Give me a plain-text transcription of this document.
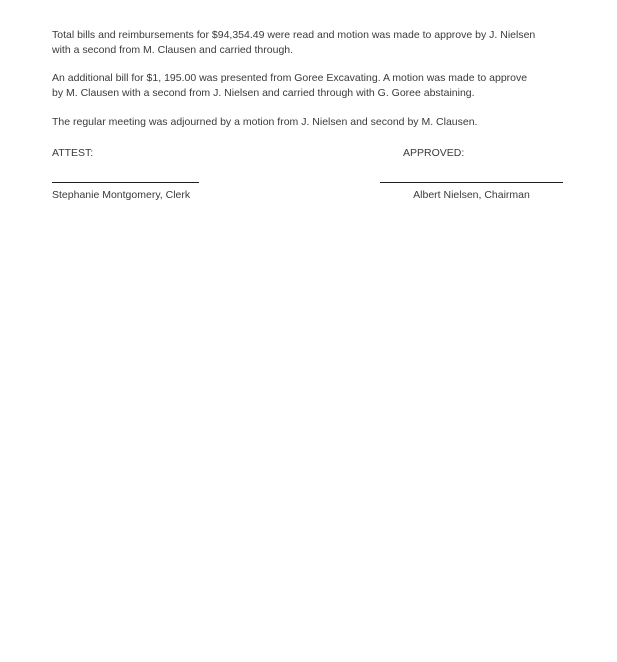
Total bills and reimbursements for $94,354.49 were read and motion was made to approve by J. Nielsen
with a second from M. Clausen and carried through.
An additional bill for $1, 195.00 was presented from Goree Excavating. A motion was made to approve
by M. Clausen with a second from J. Nielsen and carried through with G. Goree abstaining.
The regular meeting was adjourned by a motion from J. Nielsen and second by M. Clausen.
ATTEST:	APPROVED:
Stephanie Montgomery, Clerk	Albert Nielsen, Chairman
